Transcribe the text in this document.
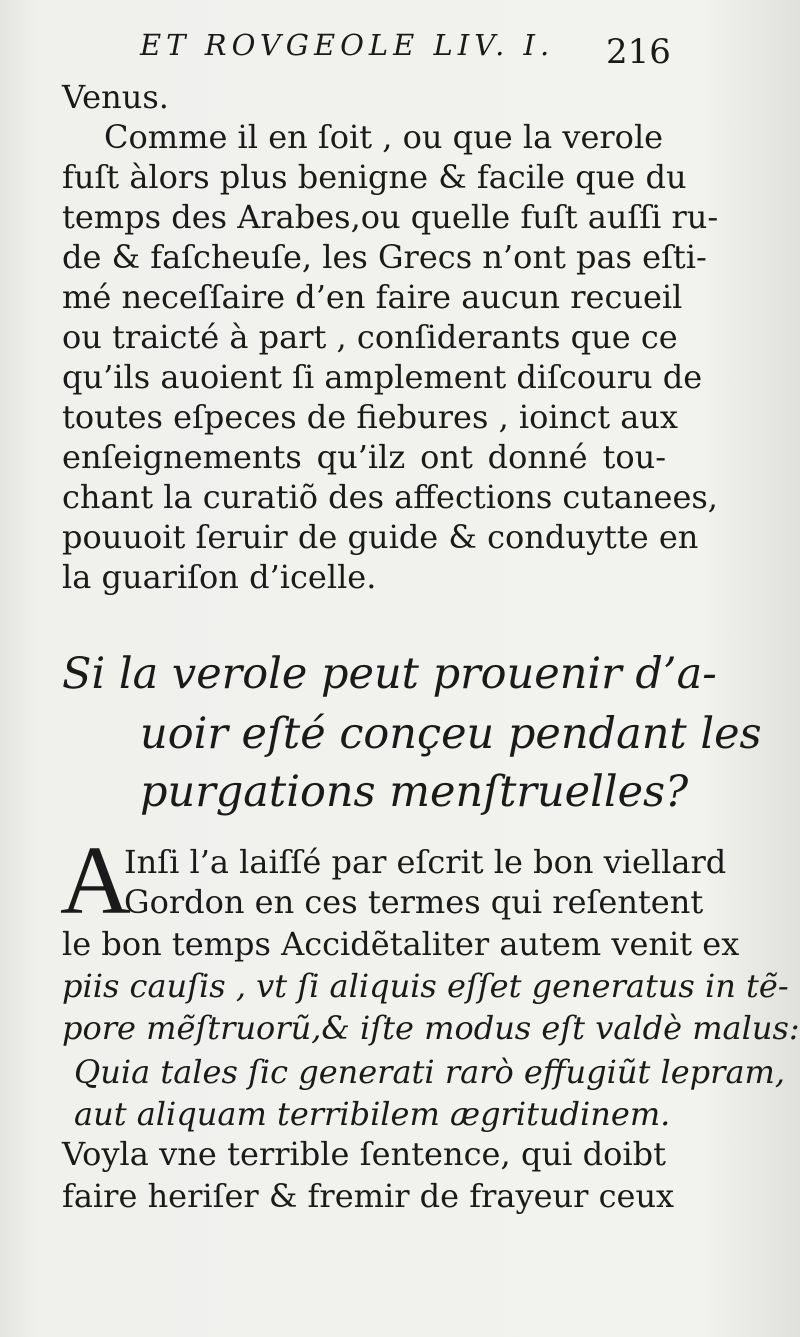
ET ROVGEOLE LIV. I.	216
Venus.
Comme il en ſoit , ou que la verole
fuſt àlors plus benigne & facile que du
temps des Arabes,ou quelle fuſt auſſi ru-
de & faſcheuſe, les Grecs n’ont pas eſti-
mé neceſſaire d’en faire aucun recueil
ou traicté à part , conſiderants que ce
qu’ils auoient ſi amplement diſcouru de
toutes eſpeces de fiebures , ioinct aux
enſeignements qu’ilz ont donné tou-
chant la curatiõ des affections cutanees,
pouuoit ſeruir de guide & conduytte en
la guariſon d’icelle.
Si la verole peut prouenir d’a-
uoir eſté conçeu pendant les
purgations menſtruelles?
A
Inſi l’a laiſſé par eſcrit le bon viellard
Gordon en ces termes qui reſentent
le bon temps Accidẽtaliter autem venit ex
piis cauſis , vt ſi aliquis eſſet generatus in tẽ-
pore mẽſtruorũ,& iſte modus eſt valdè malus:
Quia tales ſic generati rarò effugiũt lepram,
aut aliquam terribilem ægritudinem.
Voyla vne terrible ſentence, qui doibt
faire heriſer & fremir de frayeur ceux
